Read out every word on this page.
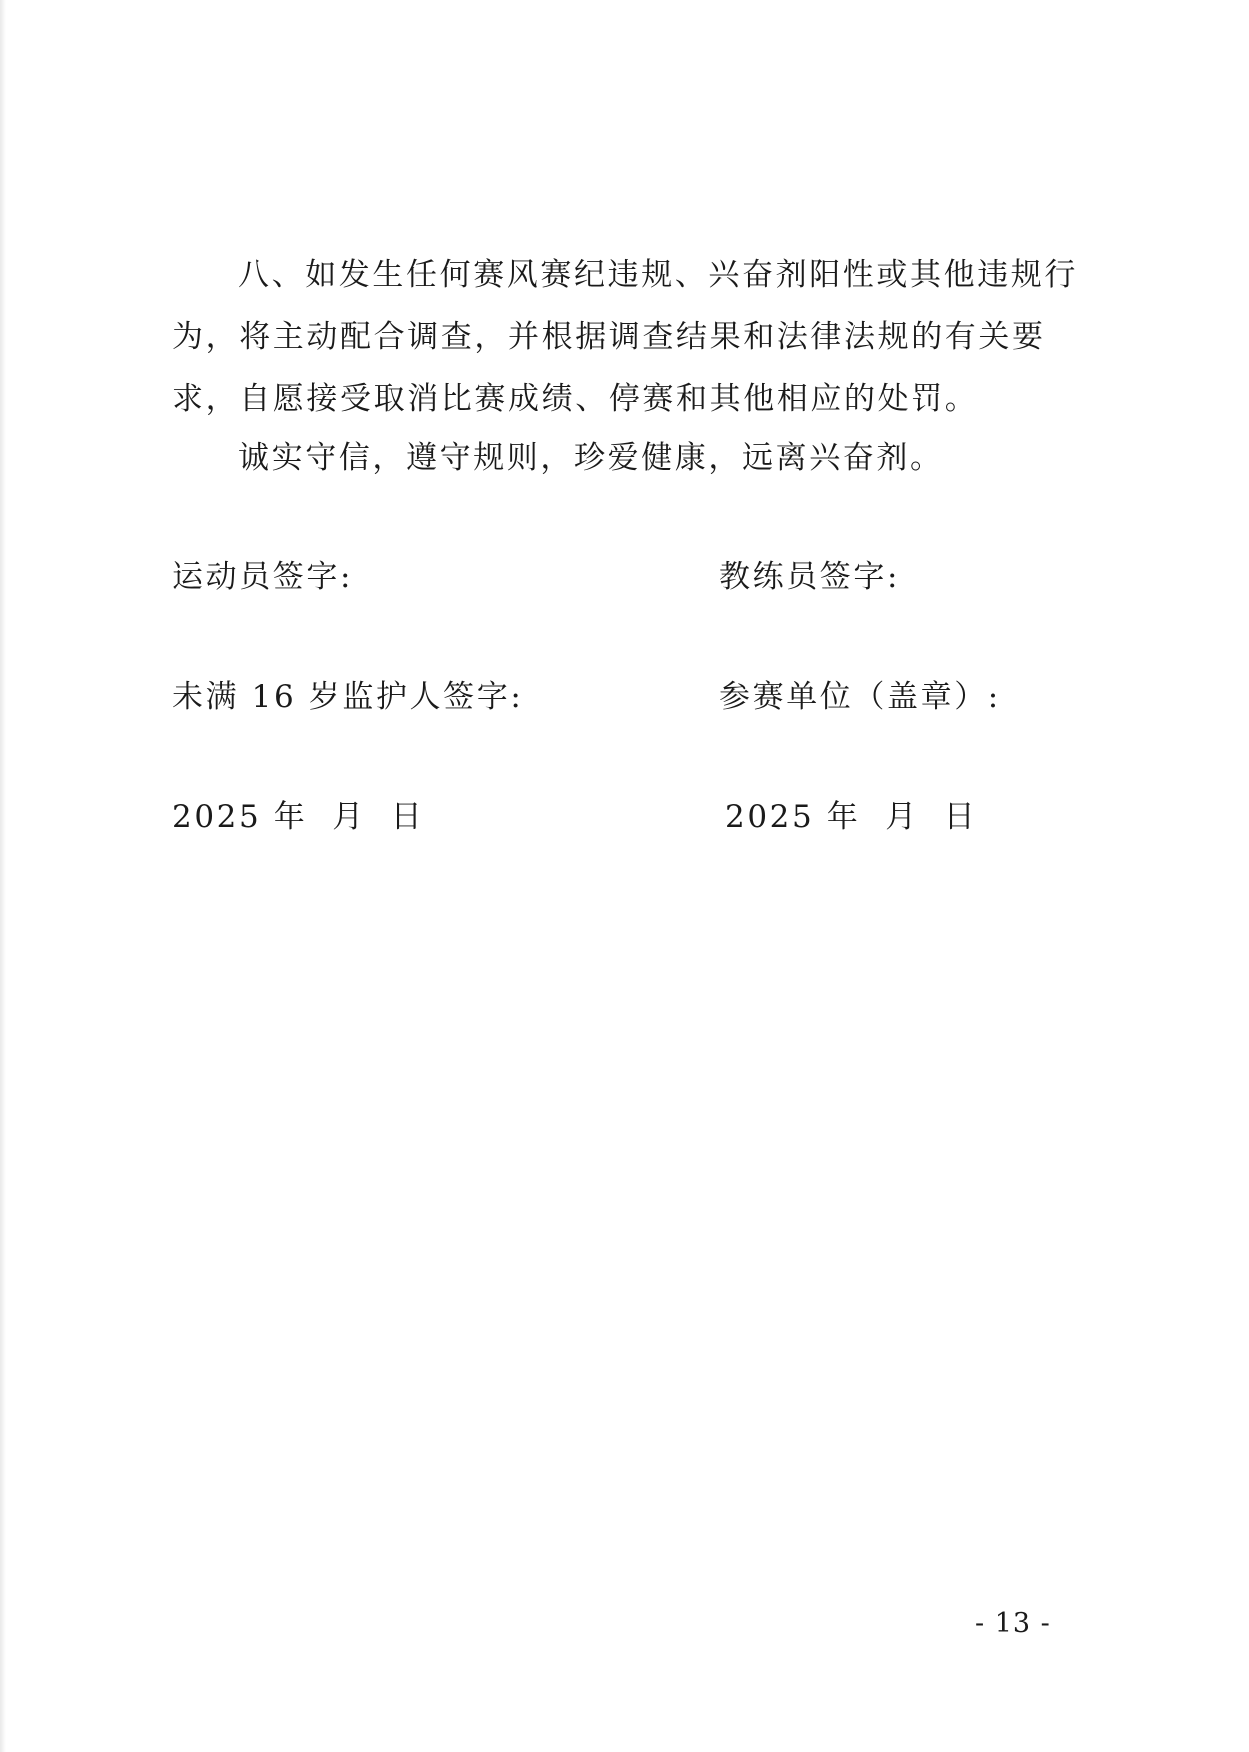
八、如发生任何赛风赛纪违规、兴奋剂阳性或其他违规行为，将主动配合调查，并根据调查结果和法律法规的有关要求，自愿接受取消比赛成绩、停赛和其他相应的处罚。

诚实守信，遵守规则，珍爱健康，远离兴奋剂。

运动员签字:	教练员签字:
未满 16 岁监护人签字:	参赛单位（盖章）:
2025 年  月  日	2025 年  月  日
- 13 -
